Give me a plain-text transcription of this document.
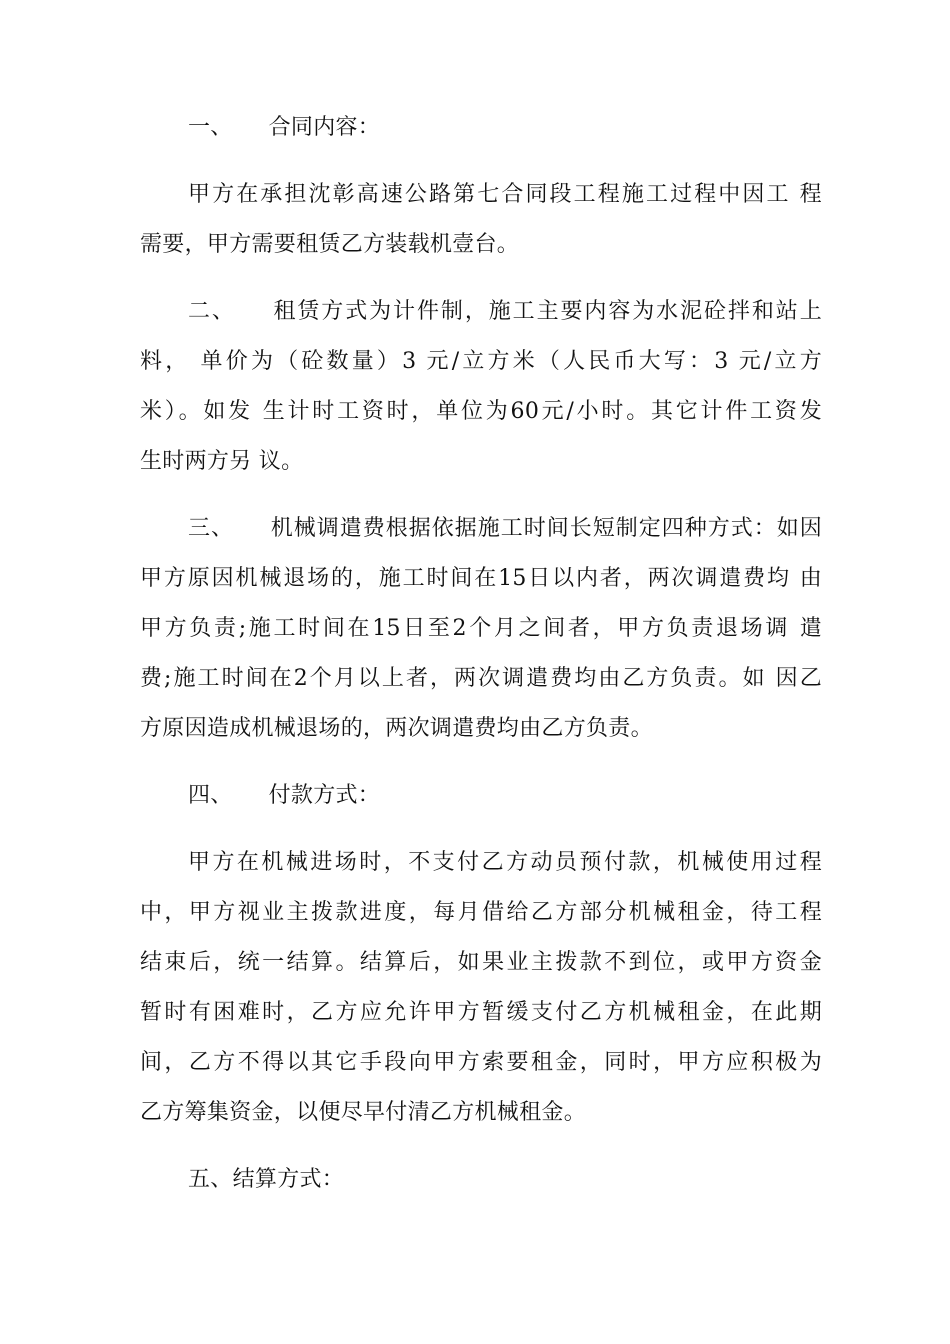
一、 合同内容：
甲方在承担沈彰高速公路第七合同段工程施工过程中因工 程
需要，甲方需要租赁乙方装载机壹台。
二、 租赁方式为计件制，施工主要内容为水泥砼拌和站上
料， 单价为（砼数量）3 元/立方米（人民币大写：3 元/立方
米）。如发 生计时工资时，单位为60元/小时。其它计件工资发
生时两方另 议。
三、 机械调遣费根据依据施工时间长短制定四种方式：如因
甲方原因机械退场的，施工时间在15日以内者，两次调遣费均 由
甲方负责;施工时间在15日至2个月之间者，甲方负责退场调 遣
费;施工时间在2个月以上者，两次调遣费均由乙方负责。如 因乙
方原因造成机械退场的，两次调遣费均由乙方负责。
四、 付款方式：
甲方在机械进场时，不支付乙方动员预付款，机械使用过程
中，甲方视业主拨款进度，每月借给乙方部分机械租金，待工程
结束后，统一结算。结算后，如果业主拨款不到位，或甲方资金
暂时有困难时，乙方应允许甲方暂缓支付乙方机械租金，在此期
间，乙方不得以其它手段向甲方索要租金，同时，甲方应积极为
乙方筹集资金，以便尽早付清乙方机械租金。
五、结算方式：
